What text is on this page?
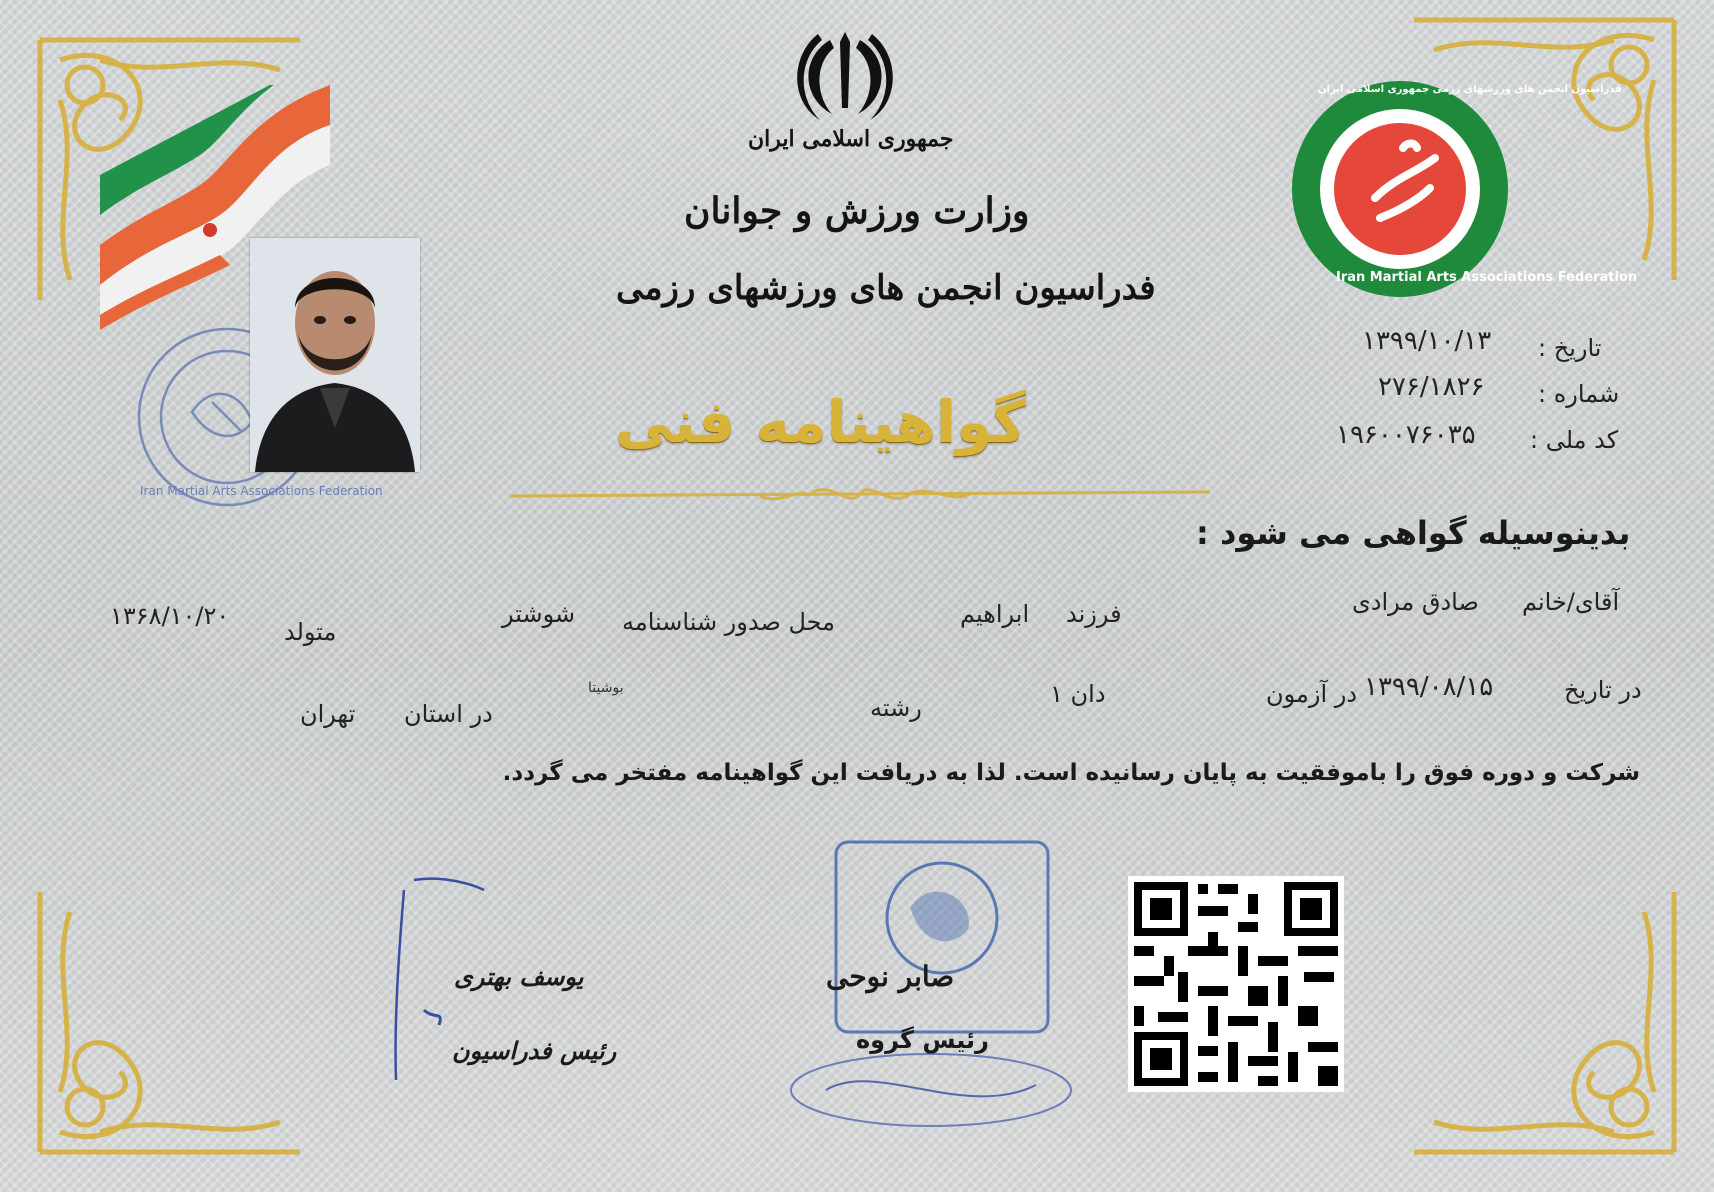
Iran Martial Arts Associations Federation
جمهوری اسلامی ایران
وزارت ورزش و جوانان
فدراسیون انجمن های ورزشهای رزمی
گواهینامه فنی
Iran Martial Arts Associations Federation
فدراسیون انجمن های ورزشهای رزمی جمهوری اسلامی ایران
تاریخ :
۱۳۹۹/۱۰/۱۳
شماره :
۲۷۶/۱۸۲۶
کد ملی :
۱۹۶۰۰۷۶۰۳۵
بدینوسیله گواهی می شود :
آقای/خانم
صادق مرادی
فرزند
ابراهیم
محل صدور شناسنامه
شوشتر
متولد
۱۳۶۸/۱۰/۲۰
در تاریخ
۱۳۹۹/۰۸/۱۵
در آزمون
دان ۱
بوشیتا
رشته
در استان
تهران
شرکت و دوره فوق را باموفقیت به پایان رسانیده است. لذا به دریافت این گواهینامه مفتخر می گردد.
صابر نوحی
رئیس گروه
یوسف بهتری
رئیس فدراسیون
